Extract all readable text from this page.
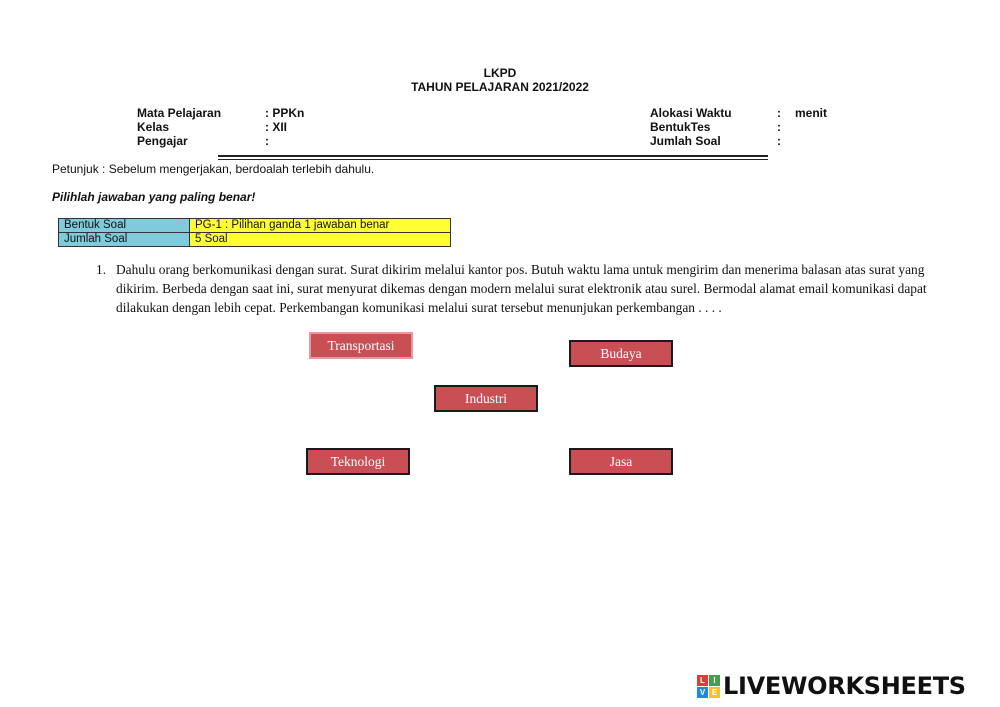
LKPD
TAHUN PELAJARAN 2021/2022
Mata Pelajaran	: PPKn
Kelas	: XII
Pengajar	:
Alokasi Waktu	: menit
BentukTes	:
Jumlah Soal	:
Petunjuk : Sebelum mengerjakan, berdoalah terlebih dahulu.
Pilihlah jawaban yang paling benar!
Bentuk Soal	PG-1 : Pilihan ganda 1 jawaban benar
Jumlah Soal	5 Soal
1. Dahulu orang berkomunikasi dengan surat. Surat dikirim melalui kantor pos. Butuh waktu lama untuk mengirim dan menerima balasan atas surat yang dikirim. Berbeda dengan saat ini, surat menyurat dikemas dengan modern melalui surat elektronik atau surel. Bermodal alamat email komunikasi dapat dilakukan dengan lebih cepat. Perkembangan komunikasi melalui surat tersebut menunjukan perkembangan . . . .
Transportasi
Budaya
Industri
Teknologi	Jasa
L	I
V E LIVEWORKSHEETS
